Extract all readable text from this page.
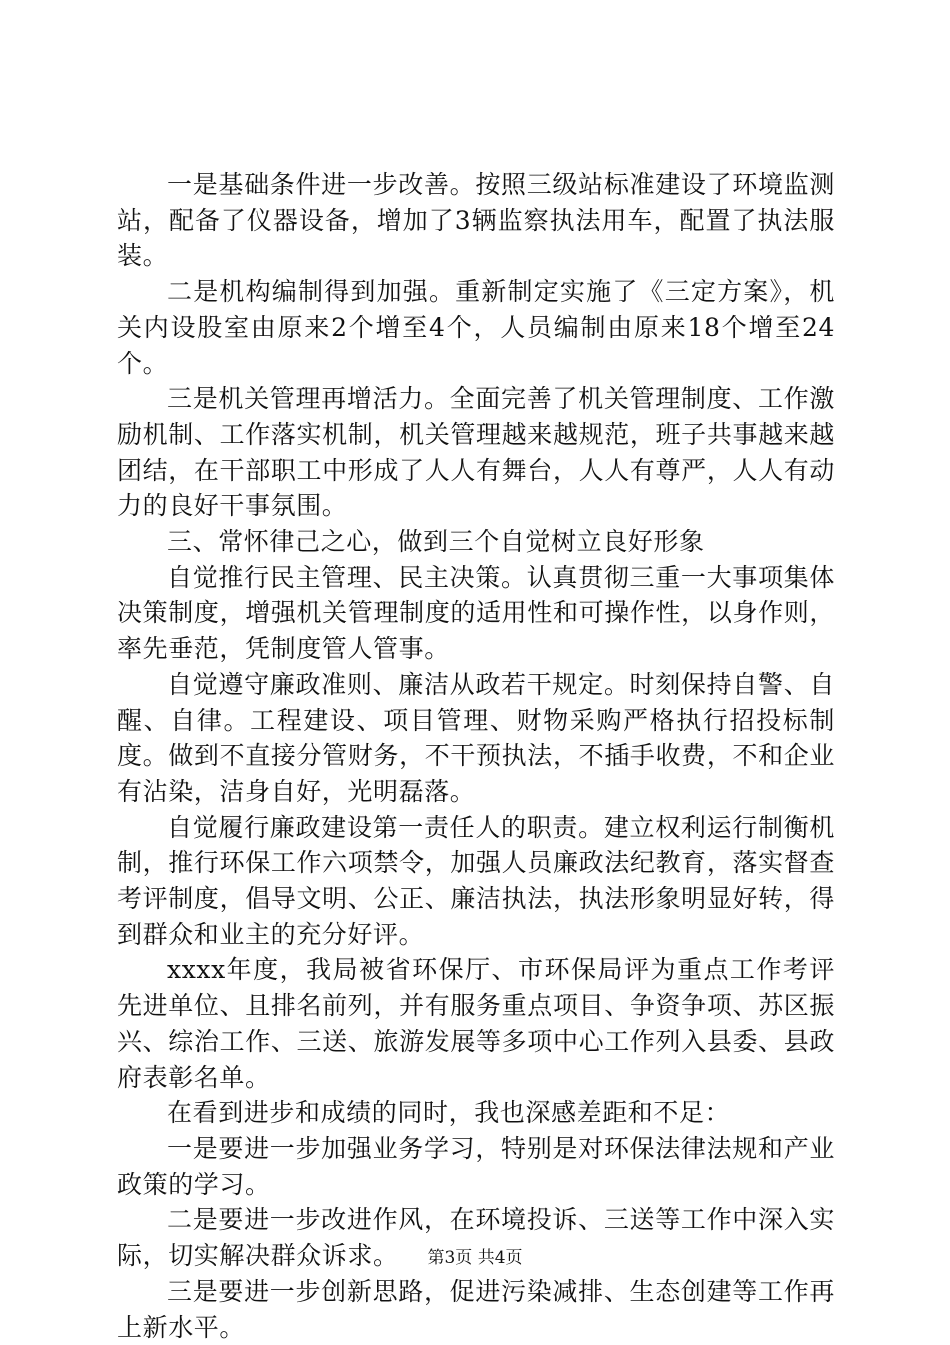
一是基础条件进一步改善。按照三级站标准建设了环境监测站，配备了仪器设备，增加了3辆监察执法用车，配置了执法服装。

二是机构编制得到加强。重新制定实施了《三定方案》，机关内设股室由原来2个增至4个，人员编制由原来18个增至24个。

三是机关管理再增活力。全面完善了机关管理制度、工作激励机制、工作落实机制，机关管理越来越规范，班子共事越来越团结，在干部职工中形成了人人有舞台，人人有尊严，人人有动力的良好干事氛围。

三、常怀律己之心，做到三个自觉树立良好形象

自觉推行民主管理、民主决策。认真贯彻三重一大事项集体决策制度，增强机关管理制度的适用性和可操作性，以身作则，率先垂范，凭制度管人管事。

自觉遵守廉政准则、廉洁从政若干规定。时刻保持自警、自醒、自律。工程建设、项目管理、财物采购严格执行招投标制度。做到不直接分管财务，不干预执法，不插手收费，不和企业有沾染，洁身自好，光明磊落。

自觉履行廉政建设第一责任人的职责。建立权利运行制衡机制，推行环保工作六项禁令，加强人员廉政法纪教育，落实督查考评制度，倡导文明、公正、廉洁执法，执法形象明显好转，得到群众和业主的充分好评。

xxxx年度，我局被省环保厅、市环保局评为重点工作考评先进单位、且排名前列，并有服务重点项目、争资争项、苏区振兴、综治工作、三送、旅游发展等多项中心工作列入县委、县政府表彰名单。

在看到进步和成绩的同时，我也深感差距和不足：

一是要进一步加强业务学习，特别是对环保法律法规和产业政策的学习。

二是要进一步改进作风，在环境投诉、三送等工作中深入实际，切实解决群众诉求。

三是要进一步创新思路，促进污染减排、生态创建等工作再上新水平。

第3页 共4页
